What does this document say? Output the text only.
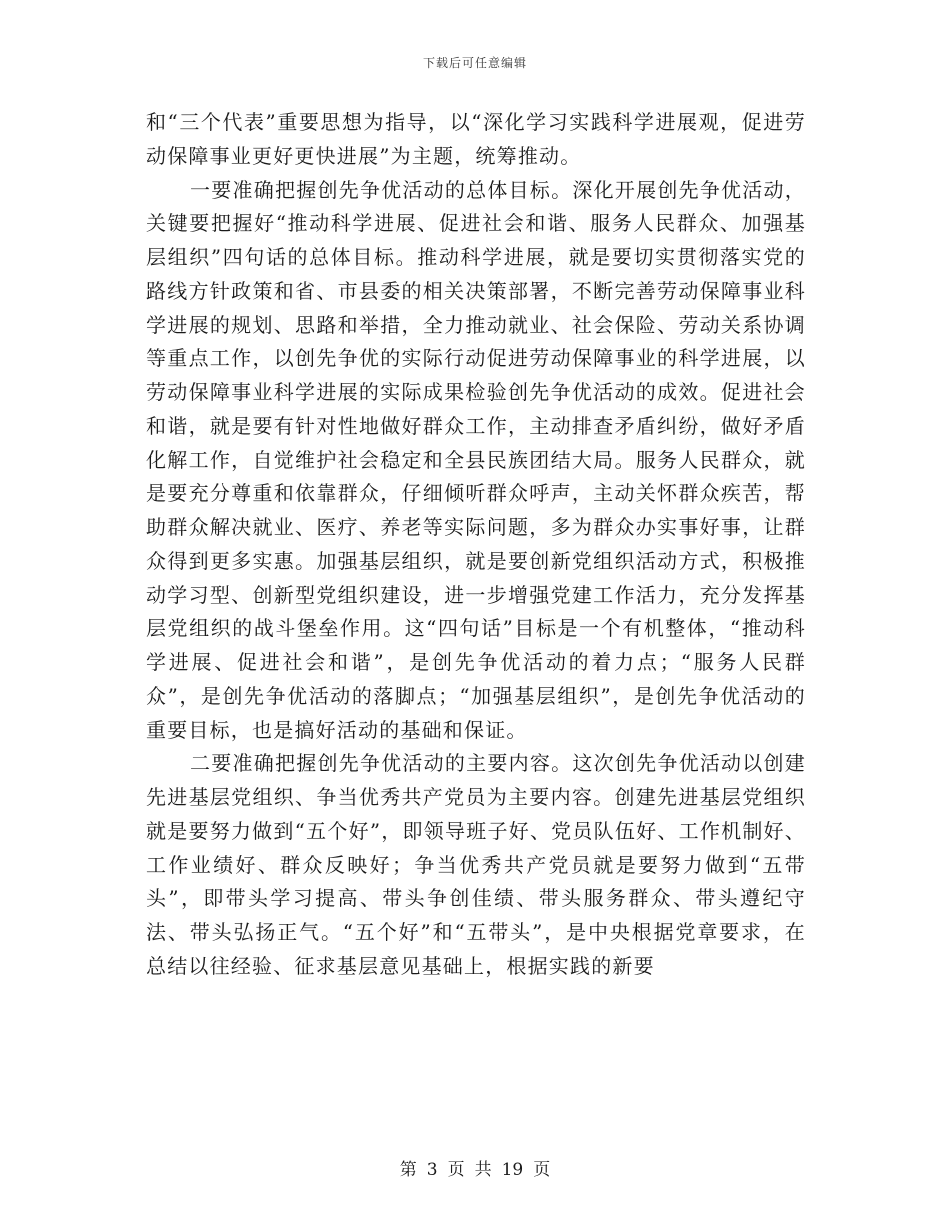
下载后可任意编辑

和“三个代表”重要思想为指导，以“深化学习实践科学进展观，促进劳动保障事业更好更快进展”为主题，统筹推动。

一要准确把握创先争优活动的总体目标。深化开展创先争优活动，关键要把握好“推动科学进展、促进社会和谐、服务人民群众、加强基层组织”四句话的总体目标。推动科学进展，就是要切实贯彻落实党的路线方针政策和省、市县委的相关决策部署，不断完善劳动保障事业科学进展的规划、思路和举措，全力推动就业、社会保险、劳动关系协调等重点工作，以创先争优的实际行动促进劳动保障事业的科学进展，以劳动保障事业科学进展的实际成果检验创先争优活动的成效。促进社会和谐，就是要有针对性地做好群众工作，主动排查矛盾纠纷，做好矛盾化解工作，自觉维护社会稳定和全县民族团结大局。服务人民群众，就是要充分尊重和依靠群众，仔细倾听群众呼声，主动关怀群众疾苦，帮助群众解决就业、医疗、养老等实际问题，多为群众办实事好事，让群众得到更多实惠。加强基层组织，就是要创新党组织活动方式，积极推动学习型、创新型党组织建设，进一步增强党建工作活力，充分发挥基层党组织的战斗堡垒作用。这“四句话”目标是一个有机整体，“推动科学进展、促进社会和谐”，是创先争优活动的着力点；“服务人民群众”，是创先争优活动的落脚点；“加强基层组织”，是创先争优活动的重要目标，也是搞好活动的基础和保证。

二要准确把握创先争优活动的主要内容。这次创先争优活动以创建先进基层党组织、争当优秀共产党员为主要内容。创建先进基层党组织就是要努力做到“五个好”，即领导班子好、党员队伍好、工作机制好、工作业绩好、群众反映好；争当优秀共产党员就是要努力做到“五带头”，即带头学习提高、带头争创佳绩、带头服务群众、带头遵纪守法、带头弘扬正气。“五个好”和“五带头”，是中央根据党章要求，在总结以往经验、征求基层意见基础上，根据实践的新要

第 3 页 共 19 页
